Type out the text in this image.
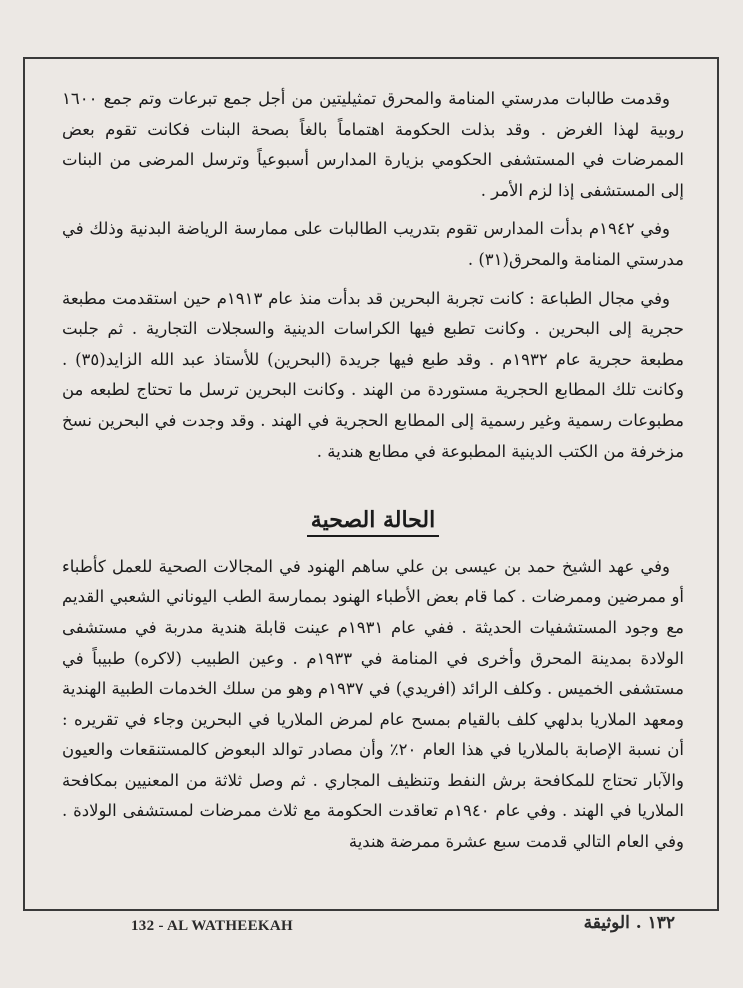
وقدمت طالبات مدرستي المنامة والمحرق تمثيليتين من أجل جمع تبرعات وتم جمع ١٦٠٠ روبية لهذا الغرض . وقد بذلت الحكومة اهتماماً بالغاً بصحة البنات فكانت تقوم بعض الممرضات في المستشفى الحكومي بزيارة المدارس أسبوعياً وترسل المرضى من البنات إلى المستشفى إذا لزم الأمر .

وفي ١٩٤٢م بدأت المدارس تقوم بتدريب الطالبات على ممارسة الرياضة البدنية وذلك في مدرستي المنامة والمحرق(٣١) .

وفي مجال الطباعة : كانت تجربة البحرين قد بدأت منذ عام ١٩١٣م حين استقدمت مطبعة حجرية إلى البحرين . وكانت تطبع فيها الكراسات الدينية والسجلات التجارية . ثم جلبت مطبعة حجرية عام ١٩٣٢م . وقد طبع فيها جريدة (البحرين) للأستاذ عبد الله الزايد(٣٥) . وكانت تلك المطابع الحجرية مستوردة من الهند . وكانت البحرين ترسل ما تحتاج لطبعه من مطبوعات رسمية وغير رسمية إلى المطابع الحجرية في الهند . وقد وجدت في البحرين نسخ مزخرفة من الكتب الدينية المطبوعة في مطابع هندية .

الحالة الصحية

وفي عهد الشيخ حمد بن عيسى بن علي ساهم الهنود في المجالات الصحية للعمل كأطباء أو ممرضين وممرضات . كما قام بعض الأطباء الهنود بممارسة الطب اليوناني الشعبي القديم مع وجود المستشفيات الحديثة . ففي عام ١٩٣١م عينت قابلة هندية مدربة في مستشفى الولادة بمدينة المحرق وأخرى في المنامة في ١٩٣٣م . وعين الطبيب (لاكره) طبيباً في مستشفى الخميس . وكلف الرائد (افريدي) في ١٩٣٧م وهو من سلك الخدمات الطبية الهندية ومعهد الملاريا بدلهي كلف بالقيام بمسح عام لمرض الملاريا في البحرين وجاء في تقريره : أن نسبة الإصابة بالملاريا في هذا العام ٢٠٪ وأن مصادر توالد البعوض كالمستنقعات والعيون والآبار تحتاج للمكافحة برش النفط وتنظيف المجاري . ثم وصل ثلاثة من المعنيين بمكافحة الملاريا في الهند . وفي عام ١٩٤٠م تعاقدت الحكومة مع ثلاث ممرضات لمستشفى الولادة . وفي العام التالي قدمت سبع عشرة ممرضة هندية

132 - AL WATHEEKAH	١٣٢ . الوثيقة
